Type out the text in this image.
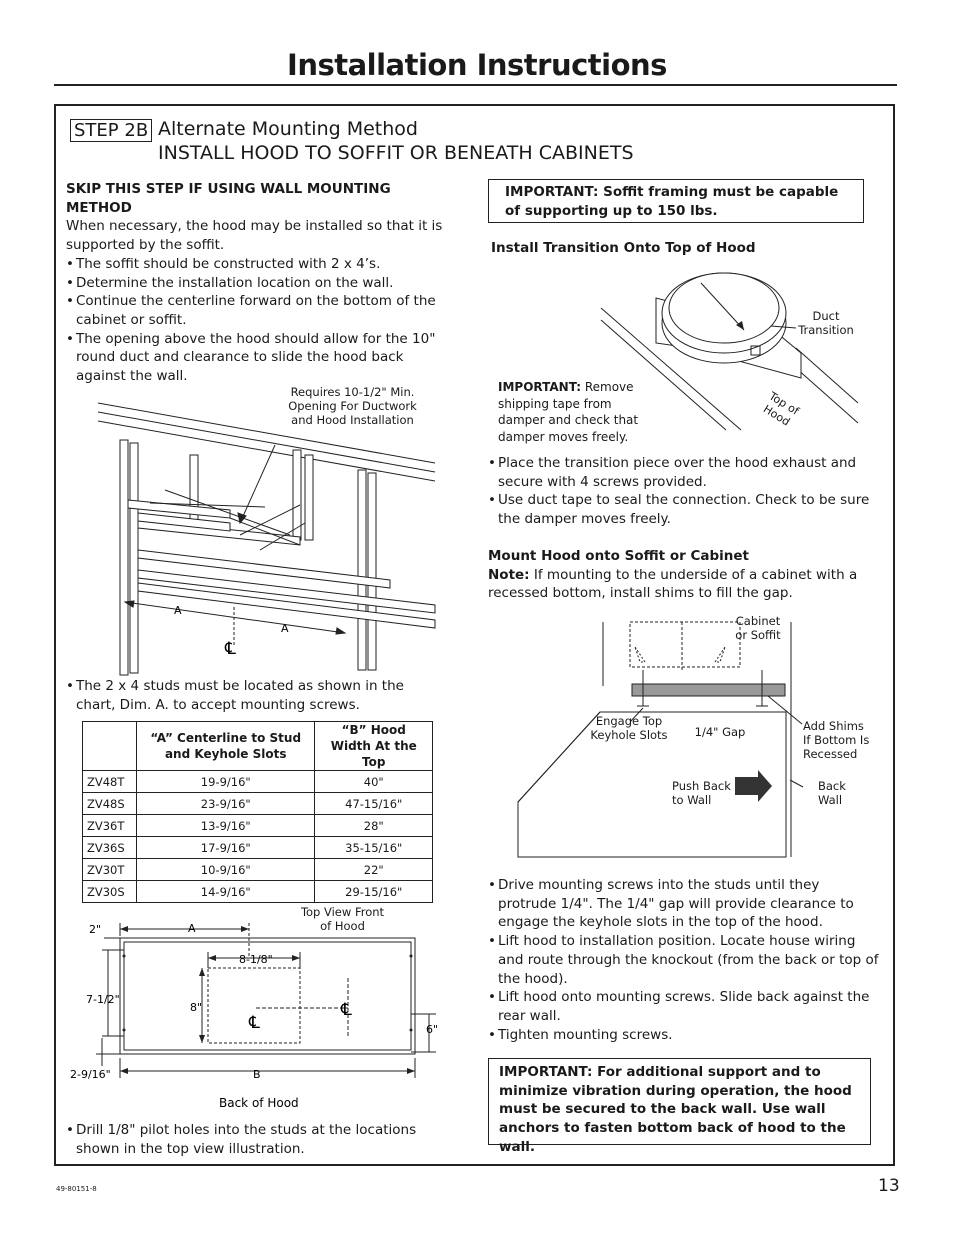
Installation Instructions
STEP 2B Alternate Mounting Method
INSTALL HOOD TO SOFFIT OR BENEATH CABINETS
SKIP THIS STEP IF USING WALL MOUNTING METHOD
When necessary, the hood may be installed so that it is supported by the soffit.
• The soffit should be constructed with 2 x 4’s.
• Determine the installation location on the wall.
• Continue the centerline forward on the bottom of the cabinet or soffit.
• The opening above the hood should allow for the 10" round duct and clearance to slide the hood back against the wall.
Requires 10-1/2" Min. Opening For Ductwork and Hood Installation
A
A
℄
• The 2 x 4 studs must be located as shown in the chart, Dim. A. to accept mounting screws.
	“A” Centerline to Stud and Keyhole Slots	“B” Hood Width At the Top
ZV48T	19-9/16"	40"
ZV48S	23-9/16"	47-15/16"
ZV36T	13-9/16"	28"
ZV36S	17-9/16"	35-15/16"
ZV30T	10-9/16"	22"
ZV30S	14-9/16"	29-15/16"
Top View Front of Hood
2"	A
8-1/8"
7-1/2"
8"
6"
2-9/16"	B
℄
℄
Back of Hood
• Drill 1/8" pilot holes into the studs at the locations shown in the top view illustration.
IMPORTANT: Soffit framing must be capable of supporting up to 150 lbs.
Install Transition Onto Top of Hood
Duct Transition
Top of Hood
IMPORTANT: Remove shipping tape from damper and check that damper moves freely.
• Place the transition piece over the hood exhaust and secure with 4 screws provided.
• Use duct tape to seal the connection. Check to be sure the damper moves freely.
Mount Hood onto Soffit or Cabinet
Note: If mounting to the underside of a cabinet with a recessed bottom, install shims to fill the gap.
Cabinet or Soffit
Engage Top Keyhole Slots	1/4" Gap	Add Shims If Bottom Is Recessed
Push Back to Wall
Back Wall
• Drive mounting screws into the studs until they protrude 1/4". The 1/4" gap will provide clearance to engage the keyhole slots in the top of the hood.
• Lift hood to installation position. Locate house wiring and route through the knockout (from the back or top of the hood).
• Lift hood onto mounting screws. Slide back against the rear wall.
• Tighten mounting screws.
IMPORTANT: For additional support and to minimize vibration during operation, the hood must be secured to the back wall. Use wall anchors to fasten bottom back of hood to the wall.
49-80151-8	13
